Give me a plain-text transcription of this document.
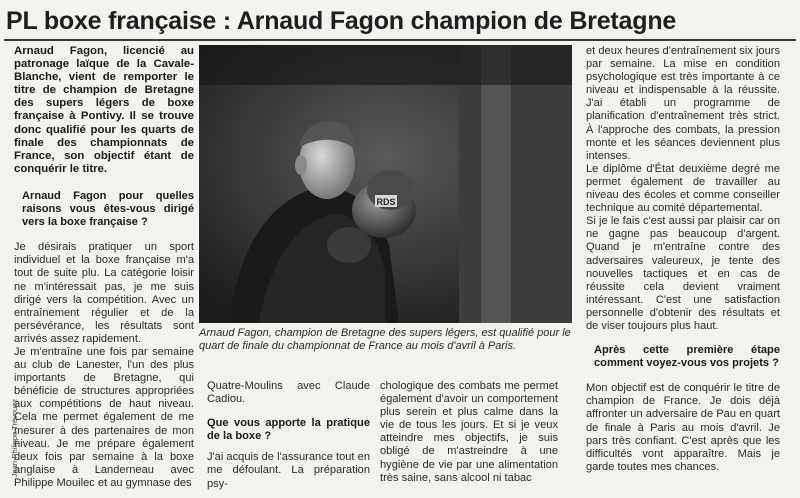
PL boxe française : Arnaud Fagon champion de Bretagne

Arnaud Fagon, licencié au patronage laïque de la Cavale-Blanche, vient de remporter le titre de champion de Bretagne des supers légers de boxe française à Pontivy. Il se trouve donc qualifié pour les quarts de finale des championnats de France, son objectif étant de conquérir le titre.

Arnaud Fagon pour quelles raisons vous êtes-vous dirigé vers la boxe française ?

Je désirais pratiquer un sport individuel et la boxe française m'a tout de suite plu. La catégorie loisir ne m'intéressait pas, je me suis dirigé vers la compétition. Avec un entraînement régulier et de la persévérance, les résultats sont arrivés assez rapidement.

Je m'entraîne une fois par semaine au club de Lanester, l'un des plus importants de Bretagne, qui bénéficie de structures appropriées aux compétitions de haut niveau. Cela me permet également de me mesurer à des partenaires de mon niveau. Je me prépare également deux fois par semaine à la boxe anglaise à Landerneau avec Philippe Mouilec et au gymnase des

Jean-Philippe Trévouez
RDS
Arnaud Fagon, champion de Bretagne des supers légers, est qualifié pour le quart de finale du championnat de France au mois d'avril à Paris.

Quatre-Moulins avec Claude Cadiou.

Que vous apporte la pratique de la boxe ?

J'ai acquis de l'assurance tout en me défoulant. La préparation psy-

chologique des combats me permet également d'avoir un comportement plus serein et plus calme dans la vie de tous les jours. Et si je veux atteindre mes objectifs, je suis obligé de m'astreindre à une hygiène de vie par une alimentation très saine, sans alcool ni tabac

et deux heures d'entraînement six jours par semaine. La mise en condition psychologique est très importante à ce niveau et indispensable à la réussite. J'ai établi un programme de planification d'entraînement très strict. À l'approche des combats, la pression monte et les séances deviennent plus intenses.

Le diplôme d'État deuxième degré me permet également de travailler au niveau des écoles et comme conseiller technique au comité départemental.

Si je le fais c'est aussi par plaisir car on ne gagne pas beaucoup d'argent. Quand je m'entraîne contre des adversaires valeureux, je tente des nouvelles tactiques et en cas de réussite cela devient vraiment intéressant. C'est une satisfaction personnelle d'obtenir des résultats et de viser toujours plus haut.

Après cette première étape comment voyez-vous vos projets ?

Mon objectif est de conquérir le titre de champion de France. Je dois déjà affronter un adversaire de Pau en quart de finale à Paris au mois d'avril. Je pars très confiant. C'est après que les difficultés vont apparaître. Mais je garde toutes mes chances.
